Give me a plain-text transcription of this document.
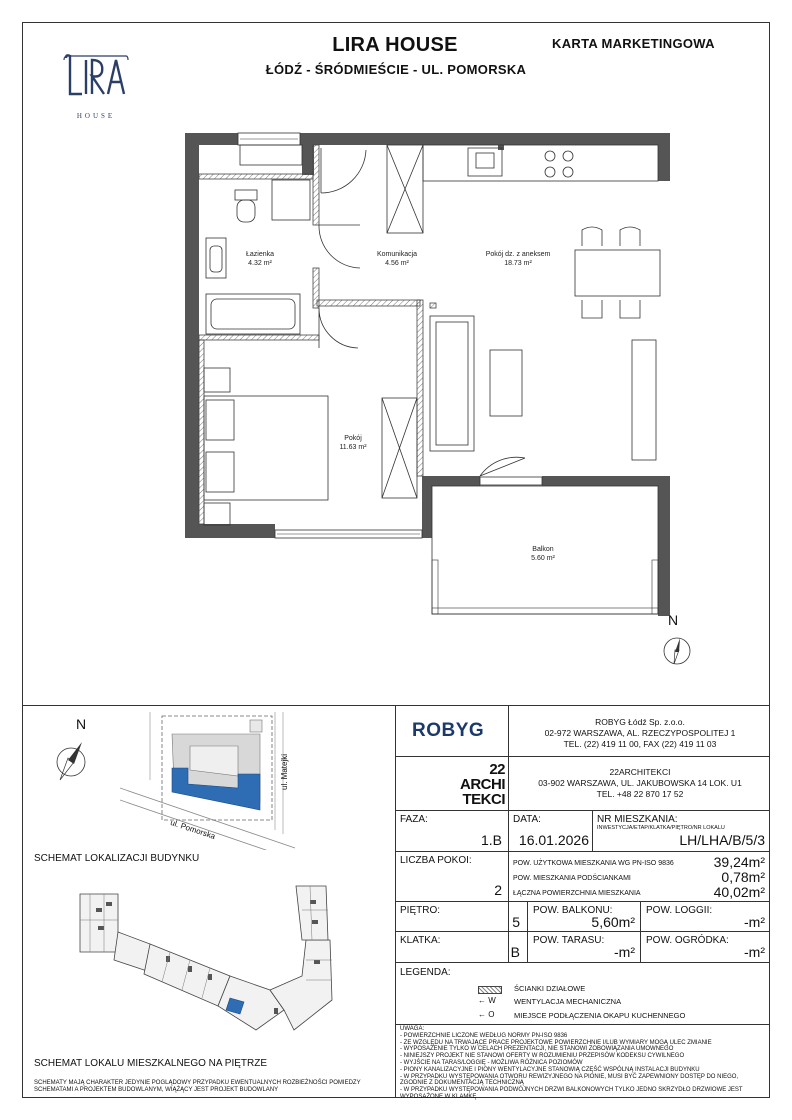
HOUSE
LIRA HOUSE
ŁÓDŹ - ŚRÓDMIEŚCIE - UL. POMORSKA
KARTA MARKETINGOWA
Łazienka
4.32 m²
Komunikacja
4.56 m²
Pokój dz. z aneksem
18.73 m²
Pokój
11.63 m²
Balkon
5.60 m²
N
N
ul. Matejki
ul. Pomorska
SCHEMAT LOKALIZACJI BUDYNKU
SCHEMAT LOKALU MIESZKALNEGO NA PIĘTRZE
SCHEMATY MAJĄ CHARAKTER JEDYNIE POGLĄDOWY PRZYPADKU EWENTUALNYCH ROZBIEŻNOŚCI POMIEDZY SCHEMATAMI A PROJEKTEM BUDOWLANYM, WIĄŻĄCY JEST PROJEKT BUDOWLANY
ROBYG	ROBYG Łódź Sp. z.o.o.
02-972 WARSZAWA, AL. RZECZYPOSPOLITEJ 1
TEL. (22) 419 11 00, FAX (22) 419 11 03
22
ARCHI
TEKCI
22ARCHITEKCI
03-902 WARSZAWA, UL. JAKUBOWSKA 14 LOK. U1
TEL. +48 22 870 17 52
FAZA:
1.B
DATA:
16.01.2026
NR MIESZKANIA:
INWESTYCJA/ETAP/KLATKA/PIĘTRO/NR LOKALU
LH/LHA/B/5/3
LICZBA POKOI:
2
POW. UŻYTKOWA MIESZKANIA WG PN-ISO 9836	39,24m²
POW. MIESZKANIA PODŚCIANKAMI	0,78m²
ŁĄCZNA POWIERZCHNIA MIESZKANIA	40,02m²
PIĘTRO:
5
POW. BALKONU:
5,60m²
POW. LOGGII:
-m²
KLATKA:
B
POW. TARASU:
-m²
POW. OGRÓDKA:
-m²
LEGENDA:
ŚCIANKI DZIAŁOWE
← W WENTYLACJA MECHANICZNA
← O	MIEJSCE PODŁĄCZENIA OKAPU KUCHENNEGO
UWAGA:
- POWIERZCHNIE LICZONE WEDŁUG NORMY PN-ISO 9836
- ZE WZGLĘDU NA TRWAJĄCE PRACE PROJEKTOWE POWIERZCHNIE I/LUB WYMIARY MOGĄ ULEC ZMIANIE
- WYPOSAŻENIE TYLKO W CELACH PREZENTACJI, NIE STANOWI ZOBOWIĄZANIA UMOWNEGO
- NINIEJSZY PROJEKT NIE STANOWI OFERTY W ROZUMIENIU PRZEPISÓW KODEKSU CYWILNEGO
- WYJŚCIE NA TARAS/LOGGIĘ - MOŻLIWA RÓŻNICA POZIOMÓW
- PIONY KANALIZACYJNE I PIONY WENTYLACYJNE STANOWIĄ CZĘŚĆ WSPÓLNĄ INSTALACJI BUDYNKU
- W PRZYPADKU WYSTĘPOWANIA OTWORU REWIZYJNEGO NA PIONIE, MUSI BYĆ ZAPEWNIONY DOSTĘP DO NIEGO, ZGODNIE Z DOKUMENTACJĄ TECHNICZNĄ
- W PRZYPADKU WYSTĘPOWANIA PODWÓJNYCH DRZWI BALKONOWYCH TYLKO JEDNO SKRZYDŁO DRZWIOWE JEST WYPOSAŻONE W KLAMKĘ
